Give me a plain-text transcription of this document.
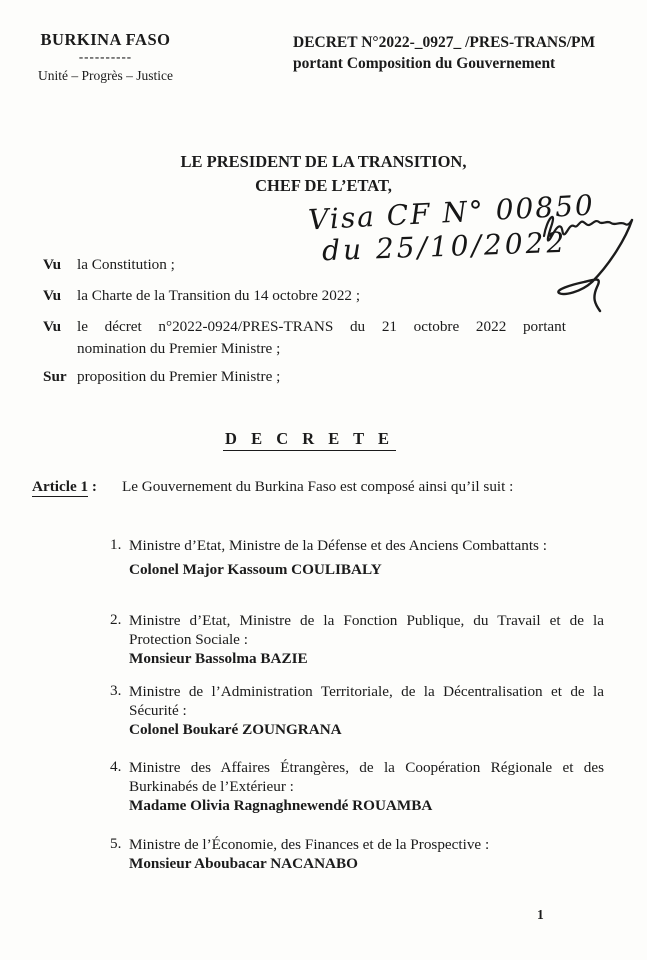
BURKINA FASO
----------
Unité – Progrès – Justice
DECRET N°2022-_0927_ /PRES-TRANS/PM
portant Composition du Gouvernement
LE PRESIDENT DE LA TRANSITION,
CHEF DE L’ETAT,
Visa CF N° 00850
du 25/10/2022
Vu	la Constitution ;
Vu	la Charte de la Transition du 14 octobre 2022 ;
Vu	le décret n°2022-0924/PRES-TRANS du 21 octobre 2022 portant
nomination du Premier Ministre ;
Sur proposition du Premier Ministre ;
D E C R E T E
Article 1 : Le Gouvernement du Burkina Faso est composé ainsi qu’il suit :
1. Ministre d’Etat, Ministre de la Défense et des Anciens Combattants :
Colonel Major Kassoum COULIBALY
2. Ministre d’Etat, Ministre de la Fonction Publique, du Travail et de la
Protection Sociale :
Monsieur Bassolma BAZIE
3. Ministre de l’Administration Territoriale, de la Décentralisation et de la
Sécurité :
Colonel Boukaré ZOUNGRANA
4. Ministre des Affaires Étrangères, de la Coopération Régionale et des
Burkinabés de l’Extérieur :
Madame Olivia Ragnaghnewendé ROUAMBA
5. Ministre de l’Économie, des Finances et de la Prospective :
Monsieur Aboubacar NACANABO
1
